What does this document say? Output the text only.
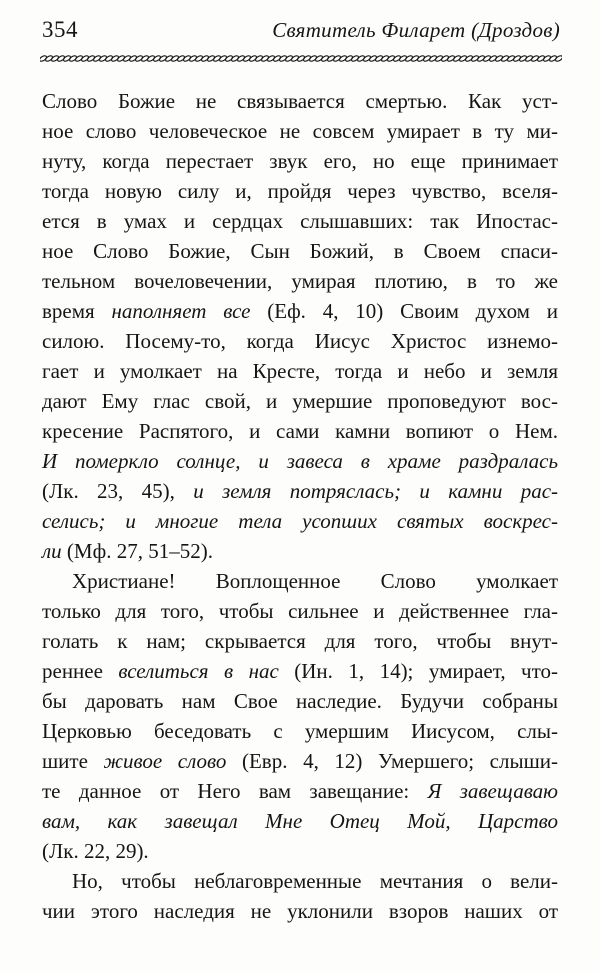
354	Святитель Филарет (Дроздов)
Слово Божие не связывается смертью. Как уст-
ное слово человеческое не совсем умирает в ту ми-
нуту, когда перестает звук его, но еще принимает
тогда новую силу и, пройдя через чувство, вселя-
ется в умах и сердцах слышавших: так Ипостас-
ное Слово Божие, Сын Божий, в Своем спаси-
тельном вочеловечении, умирая плотию, в то же
время наполняет все (Еф. 4, 10) Своим духом и
силою. Посему-то, когда Иисус Христос изнемо-
гает и умолкает на Кресте, тогда и небо и земля
дают Ему глас свой, и умершие проповедуют вос-
кресение Распятого, и сами камни вопиют о Нем.
И померкло солнце, и завеса в храме раздралась
(Лк. 23, 45), и земля потряслась; и камни рас-
селись; и многие тела усопших святых воскрес-
ли (Мф. 27, 51–52).
Христиане! Воплощенное Слово умолкает
только для того, чтобы сильнее и действеннее гла-
голать к нам; скрывается для того, чтобы внут-
реннее вселиться в нас (Ин. 1, 14); умирает, что-
бы даровать нам Свое наследие. Будучи собраны
Церковью беседовать с умершим Иисусом, слы-
шите живое слово (Евр. 4, 12) Умершего; слыши-
те данное от Него вам завещание: Я завещаваю
вам, как завещал Мне Отец Мой, Царство
(Лк. 22, 29).
Но, чтобы неблаговременные мечтания о вели-
чии этого наследия не уклонили взоров наших от
